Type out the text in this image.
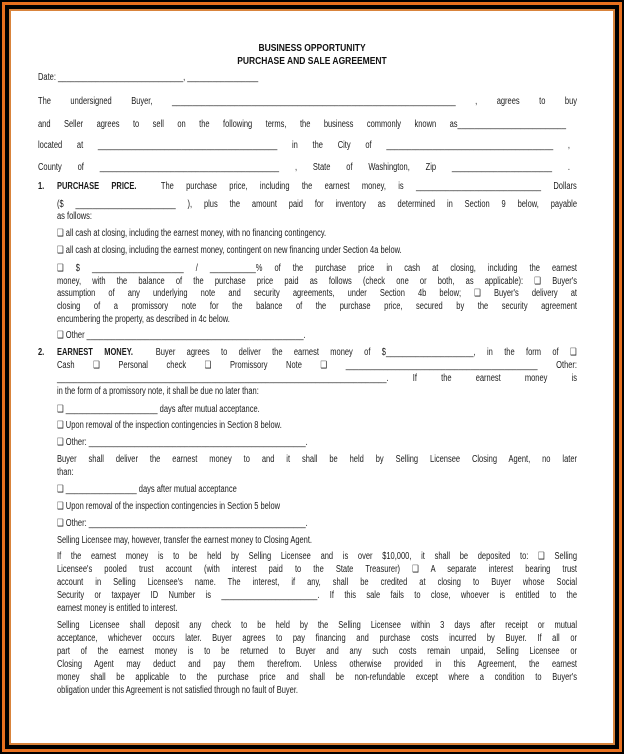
BUSINESS OPPORTUNITY
PURCHASE AND SALE AGREEMENT
1. PURCHASE PRICE. The purchase price, including the earnest money, is ______________________________ Dollars
2. EARNEST MONEY. Buyer agrees to deliver the earnest money of $_____________________, in the form of ❑
Date: ______________________________, _________________
The undersigned Buyer, ____________________________________________________________________ , agrees to buy
and Seller agrees to sell on the following terms, the business commonly known as__________________________
located at ___________________________________________ in the City of ________________________________________ ,
County of ___________________________________________ , State of Washington, Zip ________________________ .
($ ________________________ ), plus the amount paid for inventory as determined in Section 9 below, payable
as follows:
❑ all cash at closing, including the earnest money, with no financing contingency.
❑ all cash at closing, including the earnest money, contingent on new financing under Section 4a below.
❑ $ ______________________ / ___________% of the purchase price in cash at closing, including the earnest
money, with the balance of the purchase price paid as follows (check one or both, as applicable): ❑ Buyer's
assumption of any underlying note and security agreements, under Section 4b below; ❑ Buyer's delivery at
closing of a promissory note for the balance of the purchase price, secured by the security agreement
encumbering the property, as described in 4c below.
❑ Other ____________________________________________________.
Cash ❑ Personal check ❑ Promissory Note ❑ ______________________________________________ Other:
_______________________________________________________________________________. If the earnest money is
in the form of a promissory note, it shall be due no later than:
❑ ______________________ days after mutual acceptance.
❑ Upon removal of the inspection contingencies in Section 8 below.
❑ Other: ____________________________________________________.
Buyer shall deliver the earnest money to and it shall be held by Selling Licensee Closing Agent, no later
than:
❑ _________________ days after mutual acceptance
❑ Upon removal of the inspection contingencies in Section 5 below
❑ Other: ____________________________________________________.
Selling Licensee may, however, transfer the earnest money to Closing Agent.
If the earnest money is to be held by Selling Licensee and is over $10,000, it shall be deposited to: ❑ Selling
Licensee's pooled trust account (with interest paid to the State Treasurer) ❑ A separate interest bearing trust
account in Selling Licensee's name. The interest, if any, shall be credited at closing to Buyer whose Social
Security or taxpayer ID Number is _______________________. If this sale fails to close, whoever is entitled to the
earnest money is entitled to interest.
Selling Licensee shall deposit any check to be held by the Selling Licensee within 3 days after receipt or mutual
acceptance, whichever occurs later. Buyer agrees to pay financing and purchase costs incurred by Buyer. If all or
part of the earnest money is to be returned to Buyer and any such costs remain unpaid, Selling Licensee or
Closing Agent may deduct and pay them therefrom. Unless otherwise provided in this Agreement, the earnest
money shall be applicable to the purchase price and shall be non-refundable except where a condition to Buyer's
obligation under this Agreement is not satisfied through no fault of Buyer.
